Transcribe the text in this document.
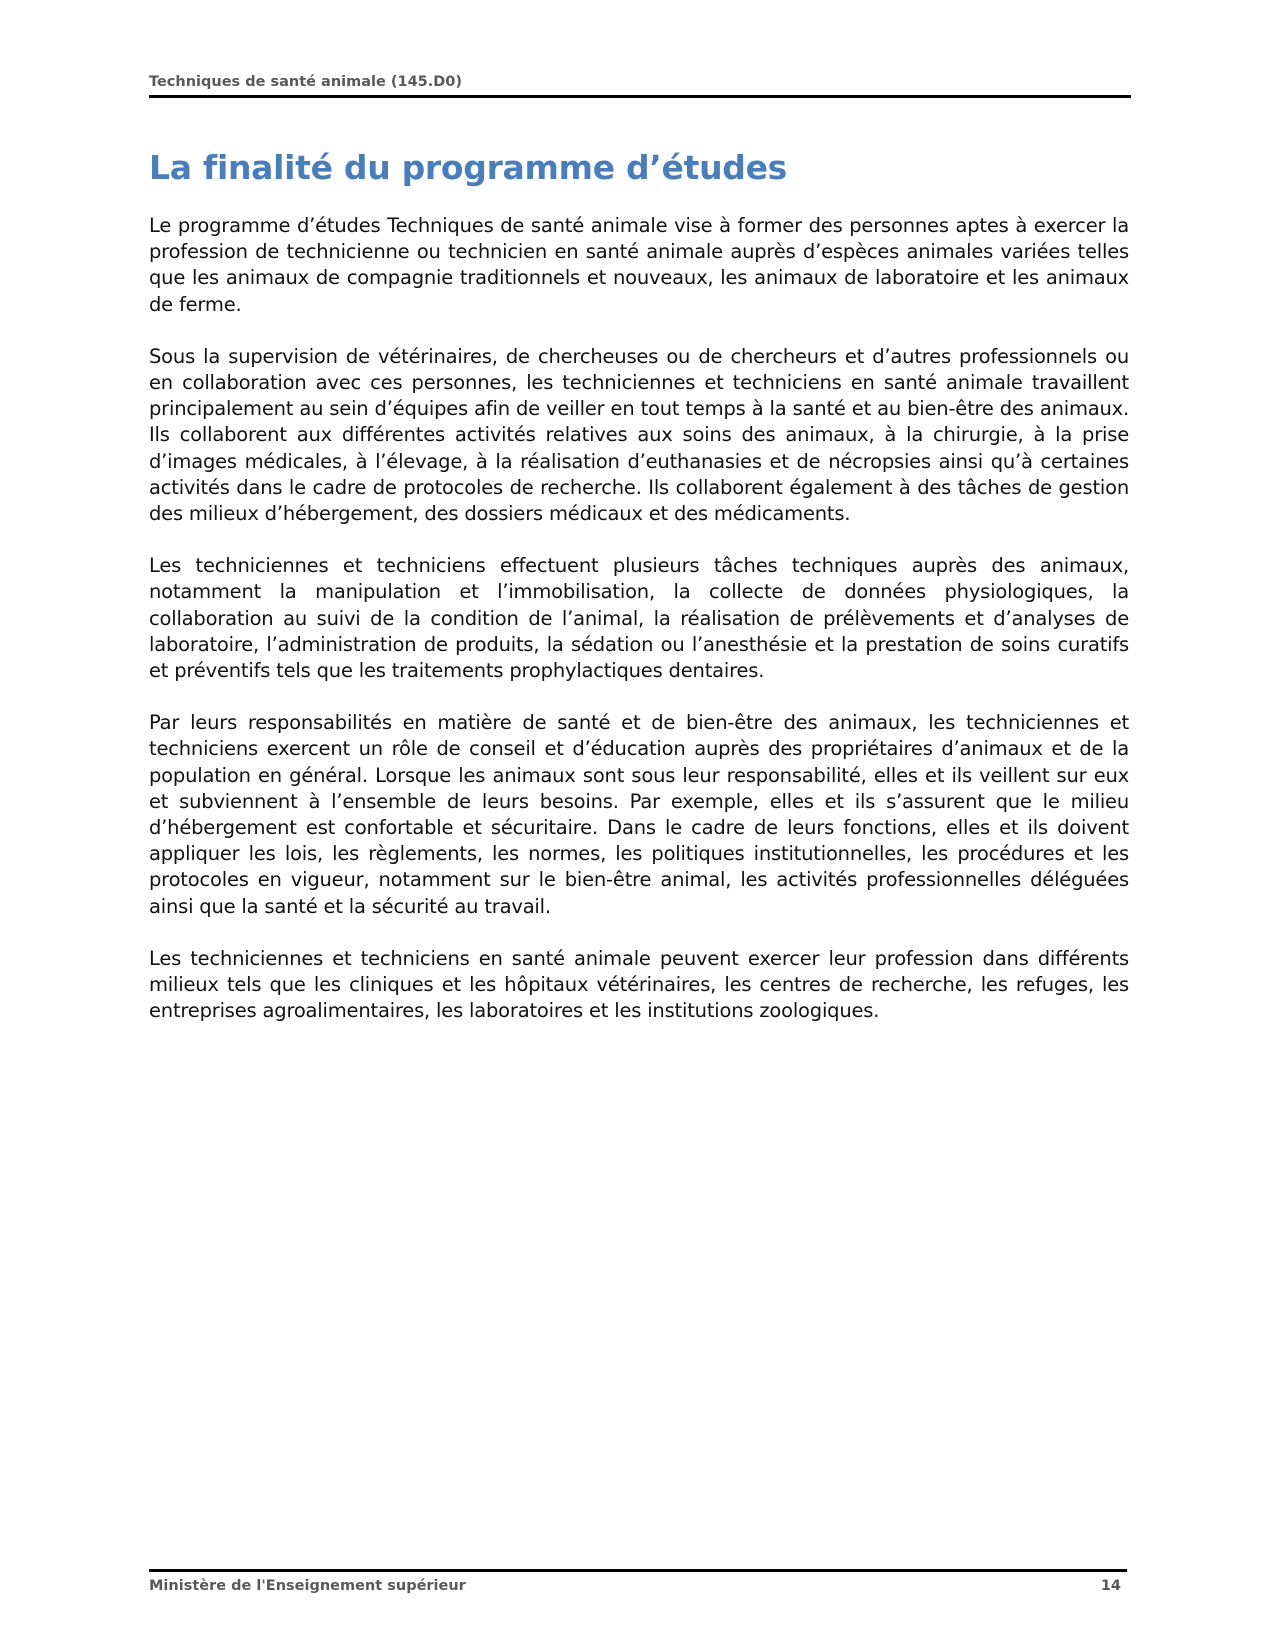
Techniques de santé animale (145.D0)
La finalité du programme d’études

Le programme d’études Techniques de santé animale vise à former des personnes aptes à exercer la profession de technicienne ou technicien en santé animale auprès d’espèces animales variées telles que les animaux de compagnie traditionnels et nouveaux, les animaux de laboratoire et les animaux de ferme.

Sous la supervision de vétérinaires, de chercheuses ou de chercheurs et d’autres professionnels ou en collaboration avec ces personnes, les techniciennes et techniciens en santé animale travaillent principalement au sein d’équipes afin de veiller en tout temps à la santé et au bien-être des animaux. Ils collaborent aux différentes activités relatives aux soins des animaux, à la chirurgie, à la prise d’images médicales, à l’élevage, à la réalisation d’euthanasies et de nécropsies ainsi qu’à certaines activités dans le cadre de protocoles de recherche. Ils collaborent également à des tâches de gestion des milieux d’hébergement, des dossiers médicaux et des médicaments.

Les techniciennes et techniciens effectuent plusieurs tâches techniques auprès des animaux, notamment la manipulation et l’immobilisation, la collecte de données physiologiques, la collaboration au suivi de la condition de l’animal, la réalisation de prélèvements et d’analyses de laboratoire, l’administration de produits, la sédation ou l’anesthésie et la prestation de soins curatifs et préventifs tels que les traitements prophylactiques dentaires.

Par leurs responsabilités en matière de santé et de bien-être des animaux, les techniciennes et techniciens exercent un rôle de conseil et d’éducation auprès des propriétaires d’animaux et de la population en général. Lorsque les animaux sont sous leur responsabilité, elles et ils veillent sur eux et subviennent à l’ensemble de leurs besoins. Par exemple, elles et ils s’assurent que le milieu d’hébergement est confortable et sécuritaire. Dans le cadre de leurs fonctions, elles et ils doivent appliquer les lois, les règlements, les normes, les politiques institutionnelles, les procédures et les protocoles en vigueur, notamment sur le bien-être animal, les activités professionnelles déléguées ainsi que la santé et la sécurité au travail.

Les techniciennes et techniciens en santé animale peuvent exercer leur profession dans différents milieux tels que les cliniques et les hôpitaux vétérinaires, les centres de recherche, les refuges, les entreprises agroalimentaires, les laboratoires et les institutions zoologiques.

Ministère de l'Enseignement supérieur	14
